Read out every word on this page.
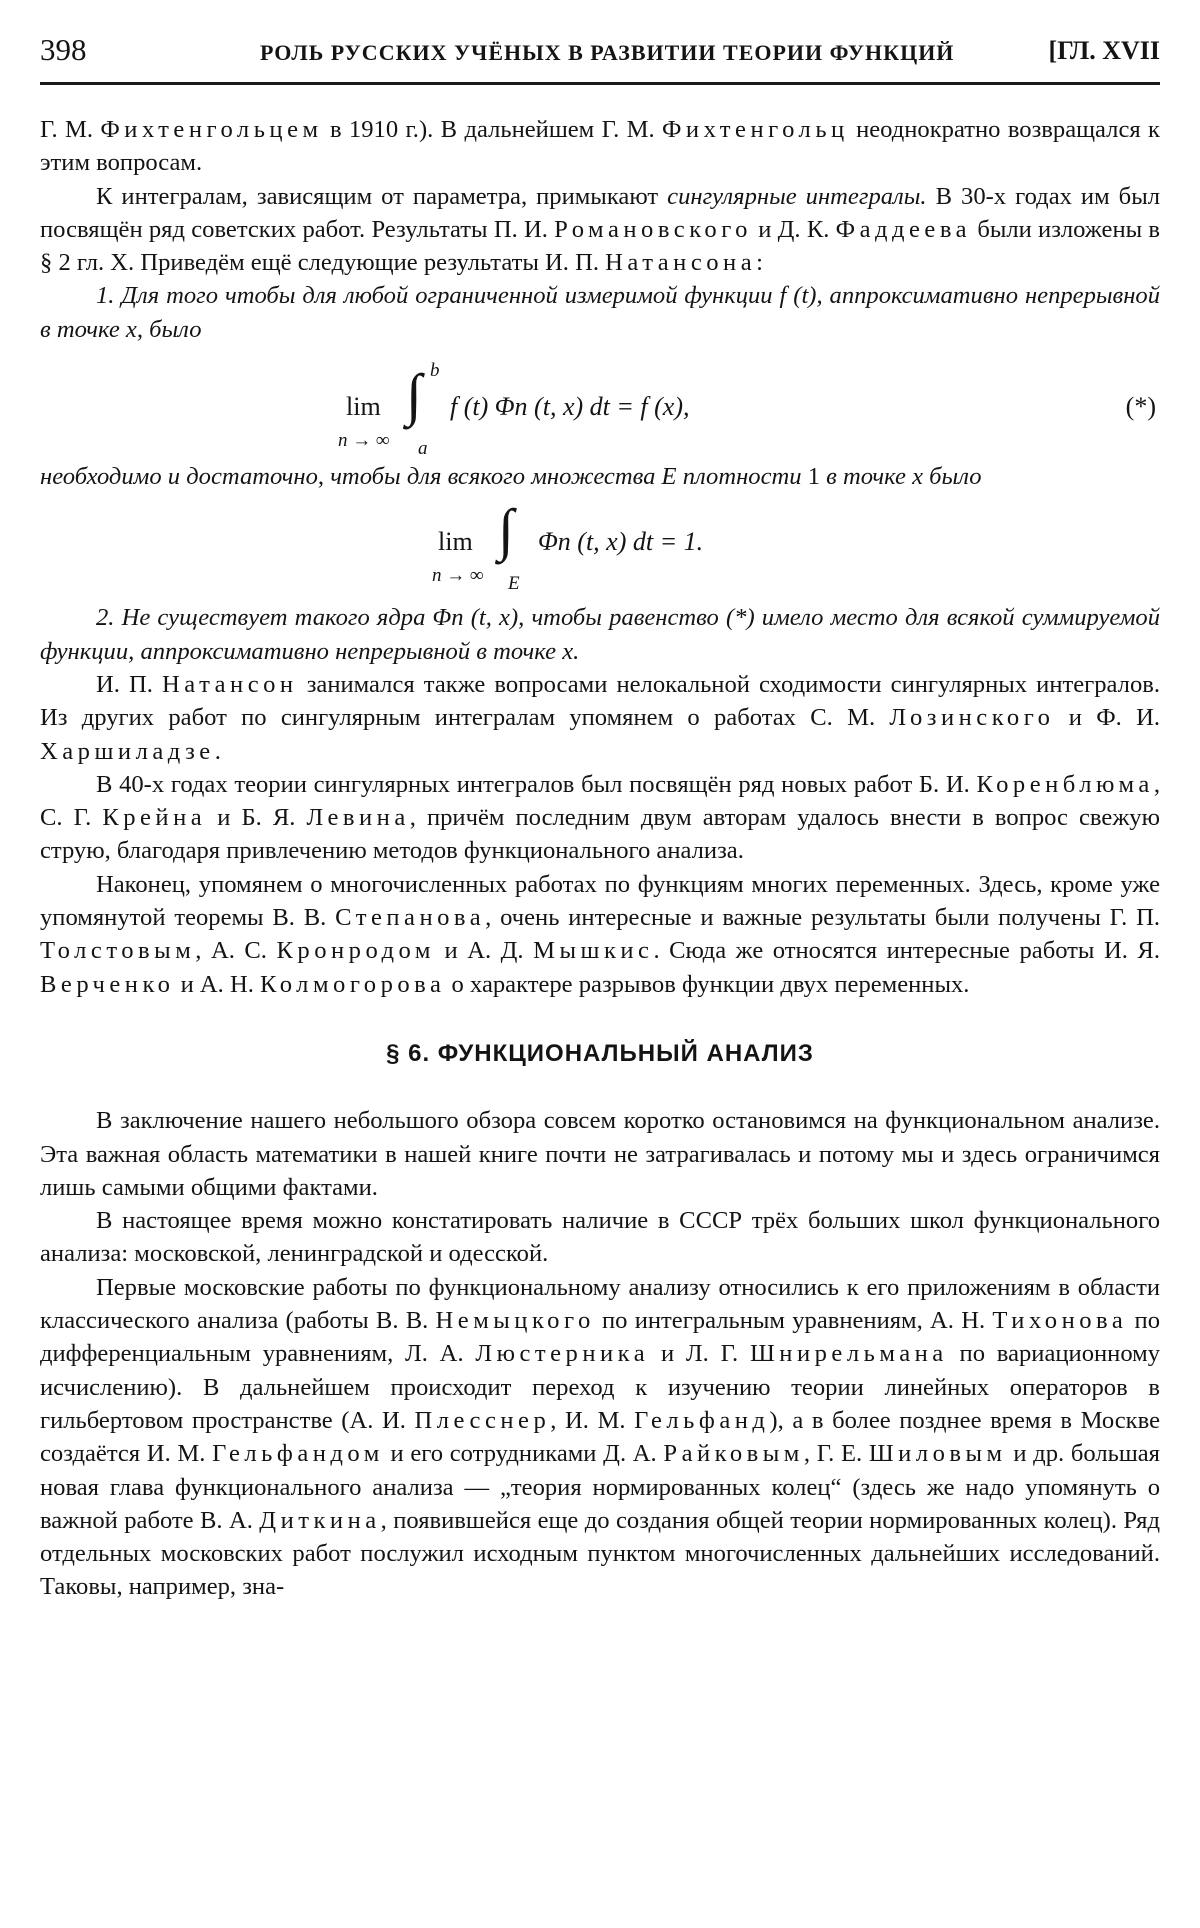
398	РОЛЬ РУССКИХ УЧЁНЫХ В РАЗВИТИИ ТЕОРИИ ФУНКЦИЙ	[ГЛ. XVII

Г. М. Фихтенгольцем в 1910 г.). В дальнейшем Г. М. Фихтенгольц неоднократно возвращался к этим вопросам.

К интегралам, зависящим от параметра, примыкают сингулярные интегралы. В 30-х годах им был посвящён ряд советских работ. Результаты П. И. Романовского и Д. К. Фаддеева были изложены в § 2 гл. X. Приведём ещё следующие результаты И. П. Натансона:

1. Для того чтобы для любой ограниченной измеримой функции f (t), аппроксимативно непрерывной в точке x, было

lim
n → ∞
∫ b
a
f (t) Φn (t, x) dt = f (x),	(*)

необходимо и достаточно, чтобы для всякого множества E плотности 1 в точке x было

lim
n → ∞
∫
E
Φn (t, x) dt = 1.

2. Не существует такого ядра Φn (t, x), чтобы равенство (*) имело место для всякой суммируемой функции, аппроксимативно непрерывной в точке x.

И. П. Натансон занимался также вопросами нелокальной сходимости сингулярных интегралов. Из других работ по сингулярным интегралам упомянем о работах С. М. Лозинского и Ф. И. Харшиладзе.

В 40-х годах теории сингулярных интегралов был посвящён ряд новых работ Б. И. Коренблюма, С. Г. Крейна и Б. Я. Левина, причём последним двум авторам удалось внести в вопрос свежую струю, благодаря привлечению методов функционального анализа.

Наконец, упомянем о многочисленных работах по функциям многих переменных. Здесь, кроме уже упомянутой теоремы В. В. Степанова, очень интересные и важные результаты были получены Г. П. Толстовым, А. С. Кронродом и А. Д. Мышкис. Сюда же относятся интересные работы И. Я. Верченко и А. Н. Колмогорова о характере разрывов функции двух переменных.

§ 6. ФУНКЦИОНАЛЬНЫЙ АНАЛИЗ

В заключение нашего небольшого обзора совсем коротко остановимся на функциональном анализе. Эта важная область математики в нашей книге почти не затрагивалась и потому мы и здесь ограничимся лишь самыми общими фактами.

В настоящее время можно констатировать наличие в СССР трёх больших школ функционального анализа: московской, ленинградской и одесской.

Первые московские работы по функциональному анализу относились к его приложениям в области классического анализа (работы В. В. Немыцкого по интегральным уравнениям, А. Н. Тихонова по дифференциальным уравнениям, Л. А. Люстерника и Л. Г. Шнирельмана по вариационному исчислению). В дальнейшем происходит переход к изучению теории линейных операторов в гильбертовом пространстве (А. И. Плесснер, И. М. Гельфанд), а в более позднее время в Москве создаётся И. М. Гельфандом и его сотрудниками Д. А. Райковым, Г. Е. Шиловым и др. большая новая глава функционального анализа — „теория нормированных колец“ (здесь же надо упомянуть о важной работе В. А. Диткина, появившейся еще до создания общей теории нормированных колец). Ряд отдельных московских работ послужил исходным пунктом многочисленных дальнейших исследований. Таковы, например, зна-
